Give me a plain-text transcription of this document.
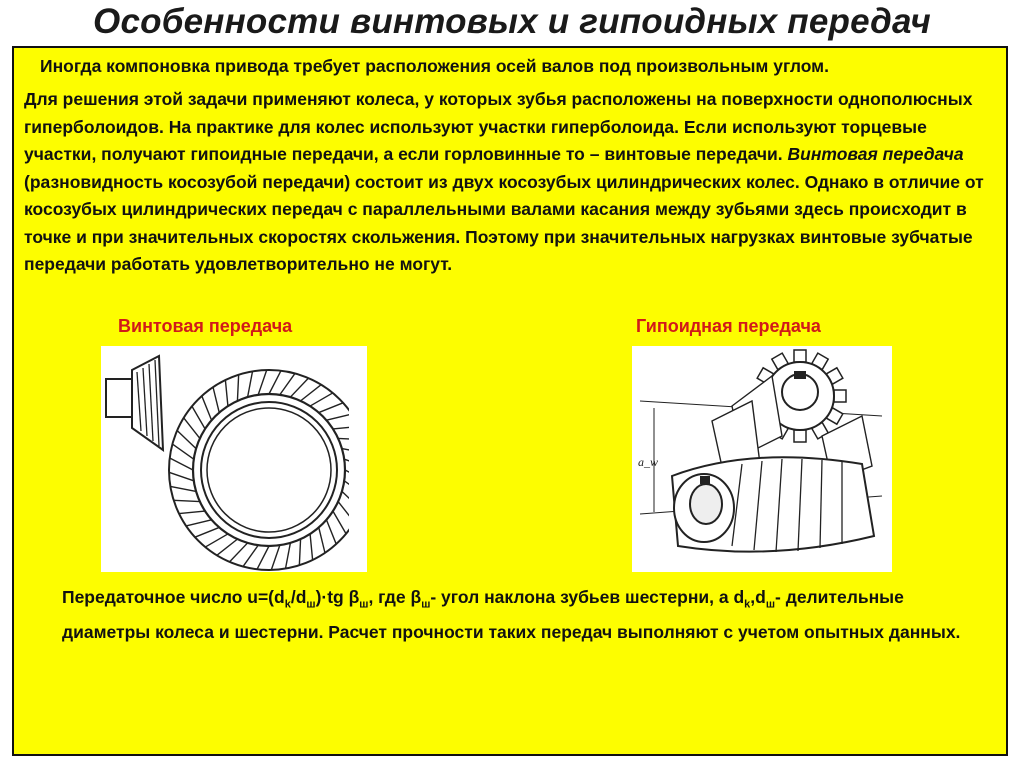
Особенности винтовых и гипоидных передач
Иногда компоновка привода требует расположения осей валов под произвольным углом.
Для решения этой задачи применяют колеса, у которых зубья расположены на поверхности однополюсных гиперболоидов. На практике для колес используют участки гиперболоида. Если используют торцевые участки, получают гипоидные передачи, а если горловинные то – винтовые передачи. Винтовая передача (разновидность косозубой передачи) состоит из двух косозубых цилиндрических колес. Однако в отличие от косозубых цилиндрических передач с параллельными валами касания между зубьями здесь происходит в точке и при значительных скоростях скольжения. Поэтому при значительных нагрузках винтовые зубчатые передачи работать удовлетворительно не могут.
Винтовая передача	Гипоидная передача
a_w
Передаточное число $u=(d_k/d_ш)\cdot tg$ $\beta_ш$, где $\beta_ш-$ угол наклона зубьев шестерни, а $d_k,d_ш-$ делительные диаметры колеса и шестерни. Расчет прочности таких передач выполняют с учетом опытных данных.
